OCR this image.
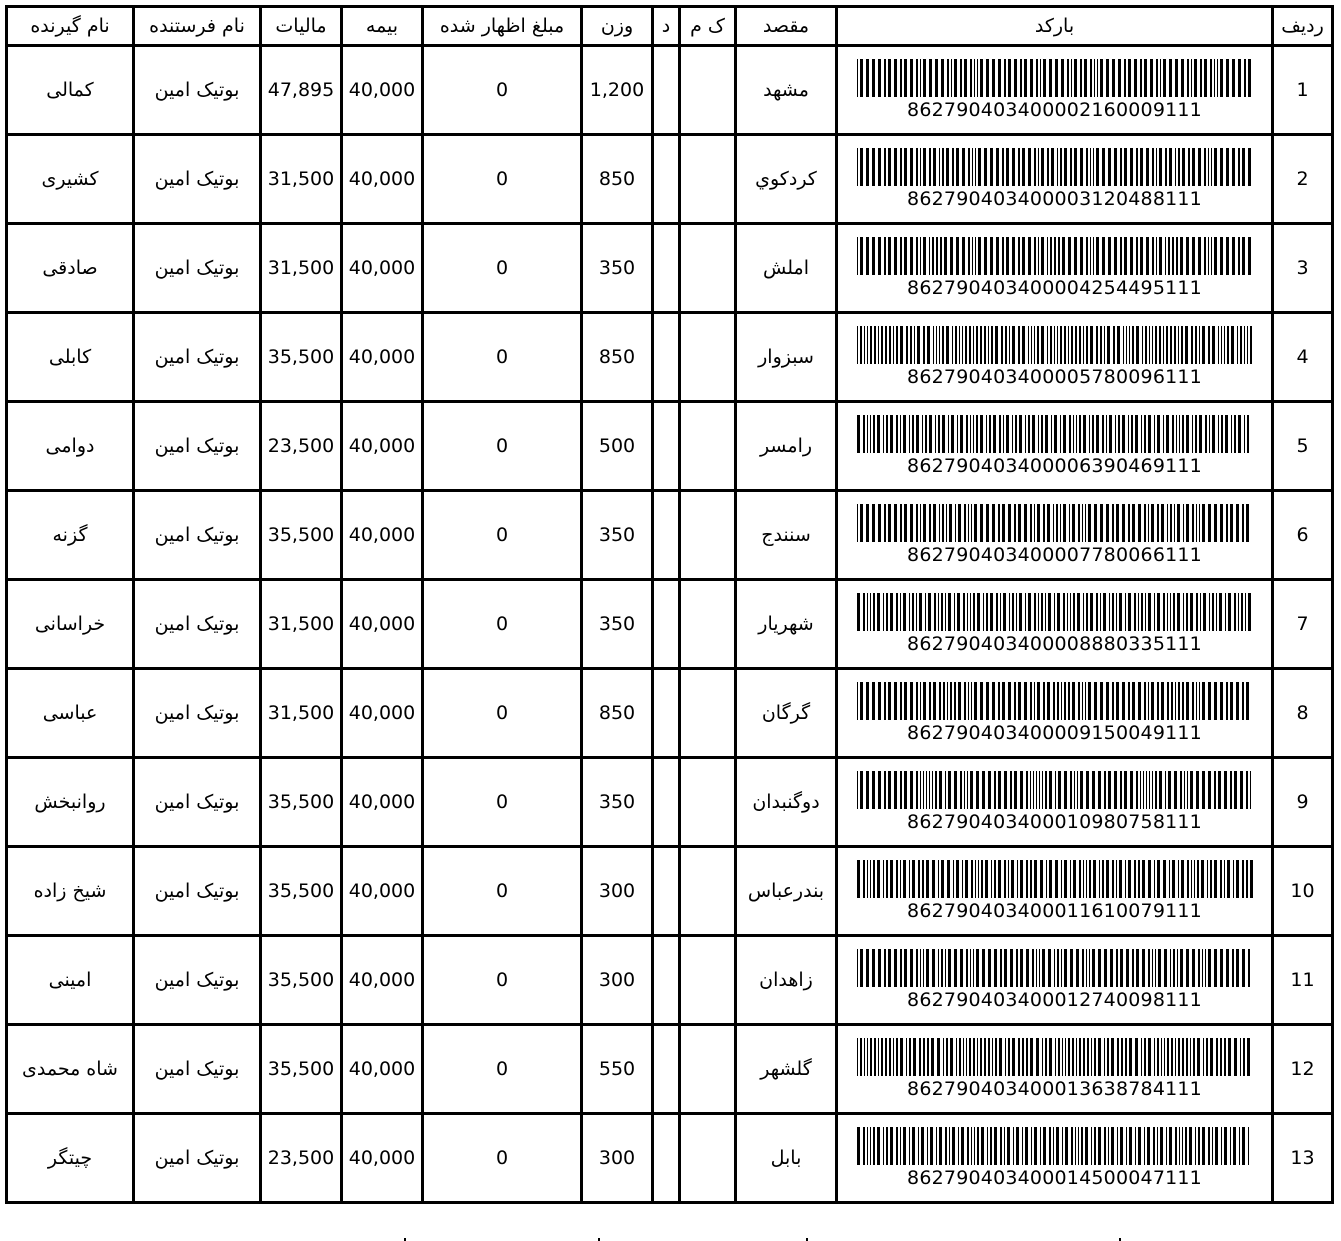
ردیف	بارکد	مقصد	ک م	د	وزن	مبلغ اظهار شده	بیمه	مالیات	نام فرستنده	نام گیرنده
1	862790403400002160009111	مشهد			1,200	0	40,000	47,895	بوتیک امین	کمالی
2	862790403400003120488111	كردكوي			850	0	40,000	31,500	بوتیک امین	کشیری
3	862790403400004254495111	املش			350	0	40,000	31,500	بوتیک امین	صادقی
4	862790403400005780096111	سبزوار			850	0	40,000	35,500	بوتیک امین	کابلی
5	862790403400006390469111	رامسر			500	0	40,000	23,500	بوتیک امین	دوامی
6	862790403400007780066111	سنندج			350	0	40,000	35,500	بوتیک امین	گزنه
7	862790403400008880335111	شهریار			350	0	40,000	31,500	بوتیک امین	خراسانی
8	862790403400009150049111	گرگان			850	0	40,000	31,500	بوتیک امین	عباسی
9	862790403400010980758111	دوگنبدان			350	0	40,000	35,500	بوتیک امین	روانبخش
10	862790403400011610079111	بندرعباس			300	0	40,000	35,500	بوتیک امین	شیخ زاده
11	862790403400012740098111	زاهدان			300	0	40,000	35,500	بوتیک امین	امینی
12	862790403400013638784111	گلشهر			550	0	40,000	35,500	بوتیک امین	شاه محمدی
13	862790403400014500047111	بابل			300	0	40,000	23,500	بوتیک امین	چیتگر
